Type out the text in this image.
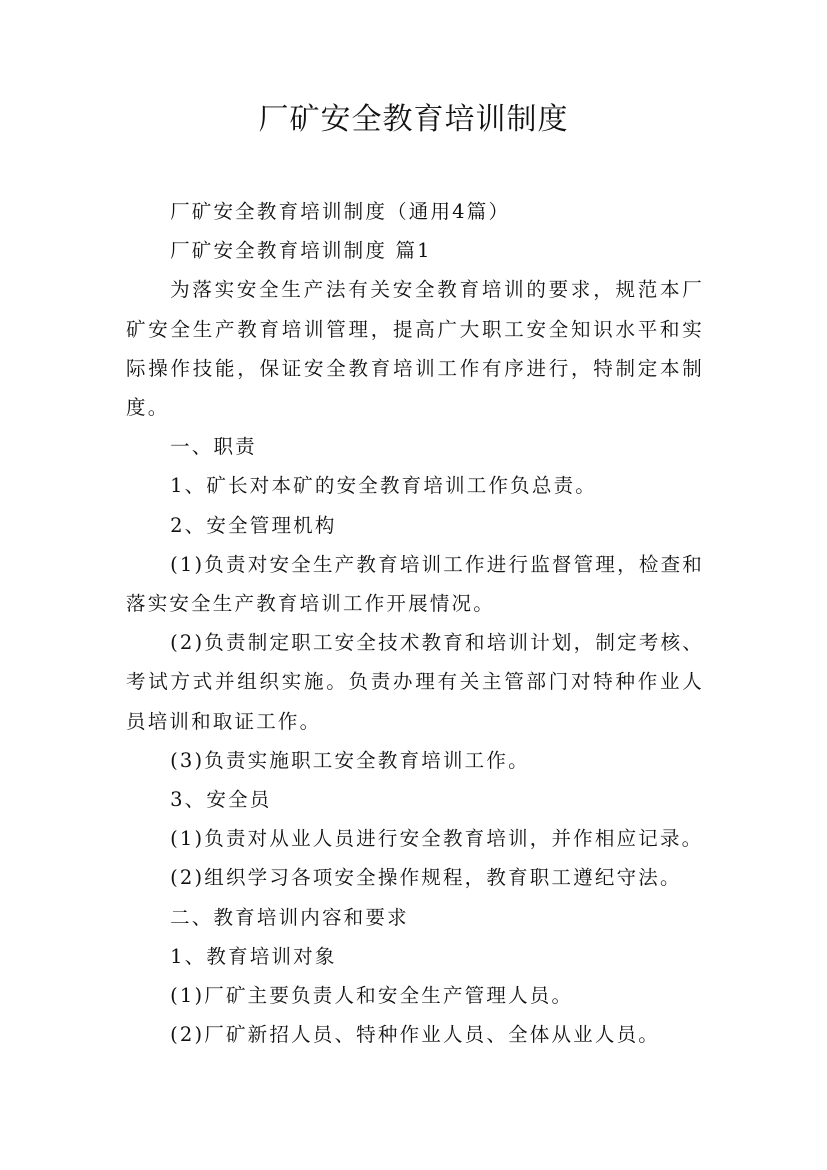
厂矿安全教育培训制度

厂矿安全教育培训制度（通用4篇）

厂矿安全教育培训制度 篇1

为落实安全生产法有关安全教育培训的要求，规范本厂矿安全生产教育培训管理，提高广大职工安全知识水平和实际操作技能，保证安全教育培训工作有序进行，特制定本制度。

一、职责

1、矿长对本矿的安全教育培训工作负总责。

2、安全管理机构

(1)负责对安全生产教育培训工作进行监督管理，检查和落实安全生产教育培训工作开展情况。

(2)负责制定职工安全技术教育和培训计划，制定考核、考试方式并组织实施。负责办理有关主管部门对特种作业人员培训和取证工作。

(3)负责实施职工安全教育培训工作。

3、安全员

(1)负责对从业人员进行安全教育培训，并作相应记录。

(2)组织学习各项安全操作规程，教育职工遵纪守法。

二、教育培训内容和要求

1、教育培训对象

(1)厂矿主要负责人和安全生产管理人员。

(2)厂矿新招人员、特种作业人员、全体从业人员。
